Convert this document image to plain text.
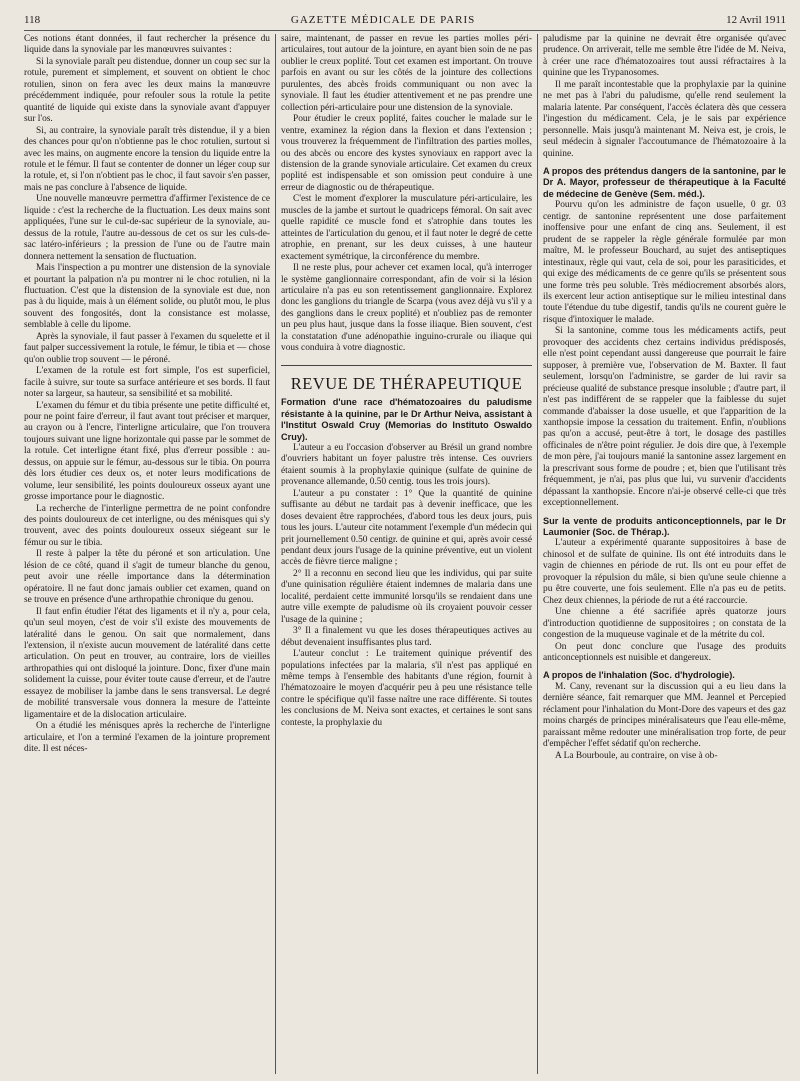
118	GAZETTE MÉDICALE DE PARIS	12 Avril 1911

Ces notions étant données, il faut rechercher la présence du liquide dans la synoviale par les manœuvres suivantes :

Si la synoviale paraît peu distendue, donner un coup sec sur la rotule, purement et simplement, et souvent on obtient le choc rotulien, sinon on fera avec les deux mains la manœuvre précédemment indiquée, pour refouler sous la rotule la petite quantité de liquide qui existe dans la synoviale avant d'appuyer sur l'os.

Si, au contraire, la synoviale paraît très distendue, il y a bien des chances pour qu'on n'obtienne pas le choc rotulien, surtout si avec les mains, on augmente encore la tension du liquide entre la rotule et le fémur. Il faut se contenter de donner un léger coup sur la rotule, et, si l'on n'obtient pas le choc, il faut savoir s'en passer, mais ne pas conclure à l'absence de liquide.

Une nouvelle manœuvre permettra d'affirmer l'existence de ce liquide : c'est la recherche de la fluctuation. Les deux mains sont appliquées, l'une sur le cul-de-sac supérieur de la synoviale, au-dessus de la rotule, l'autre au-dessous de cet os sur les culs-de-sac latéro-inférieurs ; la pression de l'une ou de l'autre main donnera nettement la sensation de fluctuation.

Mais l'inspection a pu montrer une distension de la synoviale et pourtant la palpation n'a pu montrer ni le choc rotulien, ni la fluctuation. C'est que la distension de la synoviale est due, non pas à du liquide, mais à un élément solide, ou plutôt mou, le plus souvent des fongosités, dont la consistance est molasse, semblable à celle du lipome.

Après la synoviale, il faut passer à l'examen du squelette et il faut palper successivement la rotule, le fémur, le tibia et — chose qu'on oublie trop souvent — le péroné.

L'examen de la rotule est fort simple, l'os est superficiel, facile à suivre, sur toute sa surface antérieure et ses bords. Il faut noter sa largeur, sa hauteur, sa sensibilité et sa mobilité.

L'examen du fémur et du tibia présente une petite difficulté et, pour ne point faire d'erreur, il faut avant tout préciser et marquer, au crayon ou à l'encre, l'interligne articulaire, que l'on trouvera toujours suivant une ligne horizontale qui passe par le sommet de la rotule. Cet interligne étant fixé, plus d'erreur possible : au-dessus, on appuie sur le fémur, au-dessous sur le tibia. On pourra dès lors étudier ces deux os, et noter leurs modifications de volume, leur sensibilité, les points douloureux osseux ayant une grosse importance pour le diagnostic.

La recherche de l'interligne permettra de ne point confondre des points douloureux de cet interligne, ou des ménisques qui s'y trouvent, avec des points douloureux osseux siégeant sur le fémur ou sur le tibia.

Il reste à palper la tête du péroné et son articulation. Une lésion de ce côté, quand il s'agit de tumeur blanche du genou, peut avoir une réelle importance dans la détermination opératoire. Il ne faut donc jamais oublier cet examen, quand on se trouve en présence d'une arthropathie chronique du genou.

Il faut enfin étudier l'état des ligaments et il n'y a, pour cela, qu'un seul moyen, c'est de voir s'il existe des mouvements de latéralité dans le genou. On sait que normalement, dans l'extension, il n'existe aucun mouvement de latéralité dans cette articulation. On peut en trouver, au contraire, lors de vieilles arthropathies qui ont disloqué la jointure. Donc, fixer d'une main solidement la cuisse, pour éviter toute cause d'erreur, et de l'autre essayez de mobiliser la jambe dans le sens transversal. Le degré de mobilité transversale vous donnera la mesure de l'atteinte ligamentaire et de la dislocation articulaire.

On a étudié les ménisques après la recherche de l'interligne articulaire, et l'on a terminé l'examen de la jointure proprement dite. Il est néces-

saire, maintenant, de passer en revue les parties molles péri-articulaires, tout autour de la jointure, en ayant bien soin de ne pas oublier le creux poplité. Tout cet examen est important. On trouve parfois en avant ou sur les côtés de la jointure des collections purulentes, des abcès froids communiquant ou non avec la synoviale. Il faut les étudier attentivement et ne pas prendre une collection péri-articulaire pour une distension de la synoviale.

Pour étudier le creux poplité, faites coucher le malade sur le ventre, examinez la région dans la flexion et dans l'extension ; vous trouverez la fréquemment de l'infiltration des parties molles, ou des abcès ou encore des kystes synoviaux en rapport avec la distension de la grande synoviale articulaire. Cet examen du creux poplité est indispensable et son omission peut conduire à une erreur de diagnostic ou de thérapeutique.

C'est le moment d'explorer la musculature péri-articulaire, les muscles de la jambe et surtout le quadriceps fémoral. On sait avec quelle rapidité ce muscle fond et s'atrophie dans toutes les atteintes de l'articulation du genou, et il faut noter le degré de cette atrophie, en prenant, sur les deux cuisses, à une hauteur exactement symétrique, la circonférence du membre.

Il ne reste plus, pour achever cet examen local, qu'à interroger le système ganglionnaire correspondant, afin de voir si la lésion articulaire n'a pas eu son retentissement ganglionnaire. Explorez donc les ganglions du triangle de Scarpa (vous avez déjà vu s'il y a des ganglions dans le creux poplité) et n'oubliez pas de remonter un peu plus haut, jusque dans la fosse iliaque. Bien souvent, c'est la constatation d'une adénopathie inguino-crurale ou iliaque qui vous conduira à votre diagnostic.

REVUE DE THÉRAPEUTIQUE

Formation d'une race d'hématozoaires du paludisme résistante à la quinine, par le Dr Arthur Neiva, assistant à l'Institut Oswald Cruy (Memorias do Instituto Oswaldo Cruy).

L'auteur a eu l'occasion d'observer au Brésil un grand nombre d'ouvriers habitant un foyer palustre très intense. Ces ouvriers étaient soumis à la prophylaxie quinique (sulfate de quinine de provenance allemande, 0.50 centig. tous les trois jours).

L'auteur a pu constater : 1° Que la quantité de quinine suffisante au début ne tardait pas à devenir inefficace, que les doses devaient être rapprochées, d'abord tous les deux jours, puis tous les jours. L'auteur cite notamment l'exemple d'un médecin qui prit journellement 0.50 centigr. de quinine et qui, après avoir cessé pendant deux jours l'usage de la quinine préventive, eut un violent accès de fièvre tierce maligne ;

2° Il a reconnu en second lieu que les individus, qui par suite d'une quinisation régulière étaient indemnes de malaria dans une localité, perdaient cette immunité lorsqu'ils se rendaient dans une autre ville exempte de paludisme où ils croyaient pouvoir cesser l'usage de la quinine ;

3° Il a finalement vu que les doses thérapeutiques actives au début devenaient insuffisantes plus tard.

L'auteur conclut : Le traitement quinique préventif des populations infectées par la malaria, s'il n'est pas appliqué en même temps à l'ensemble des habitants d'une région, fournit à l'hématozoaire le moyen d'acquérir peu à peu une résistance telle contre le spécifique qu'il fasse naître une race différente. Si toutes les conclusions de M. Neiva sont exactes, et certaines le sont sans conteste, la prophylaxie du

paludisme par la quinine ne devrait être organisée qu'avec prudence. On arriverait, telle me semble être l'idée de M. Neiva, à créer une race d'hématozoaires tout aussi réfractaires à la quinine que les Trypanosomes.

Il me paraît incontestable que la prophylaxie par la quinine ne met pas à l'abri du paludisme, qu'elle rend seulement la malaria latente. Par conséquent, l'accès éclatera dès que cessera l'ingestion du médicament. Cela, je le sais par expérience personnelle. Mais jusqu'à maintenant M. Neiva est, je crois, le seul médecin à signaler l'accoutumance de l'hématozoaire à la quinine.

A propos des prétendus dangers de la santonine, par le Dr A. Mayor, professeur de thérapeutique à la Faculté de médecine de Genève (Sem. méd.).

Pourvu qu'on les administre de façon usuelle, 0 gr. 03 centigr. de santonine représentent une dose parfaitement inoffensive pour une enfant de cinq ans. Seulement, il est prudent de se rappeler la règle générale formulée par mon maître, M. le professeur Bouchard, au sujet des antiseptiques intestinaux, règle qui vaut, cela de soi, pour les parasiticides, et qui exige des médicaments de ce genre qu'ils se présentent sous une forme très peu soluble. Très médiocrement absorbés alors, ils exercent leur action antiseptique sur le milieu intestinal dans toute l'étendue du tube digestif, tandis qu'ils ne courent guère le risque d'intoxiquer le malade.

Si la santonine, comme tous les médicaments actifs, peut provoquer des accidents chez certains individus prédisposés, elle n'est point cependant aussi dangereuse que pourrait le faire supposer, à première vue, l'observation de M. Baxter. Il faut seulement, lorsqu'on l'administre, se garder de lui ravir sa précieuse qualité de substance presque insoluble ; d'autre part, il n'est pas indifférent de se rappeler que la faiblesse du sujet commande d'abaisser la dose usuelle, et que l'apparition de la xanthopsie impose la cessation du traitement. Enfin, n'oublions pas qu'on a accusé, peut-être à tort, le dosage des pastilles officinales de n'être point régulier. Je dois dire que, à l'exemple de mon père, j'ai toujours manié la santonine assez largement en la prescrivant sous forme de poudre ; et, bien que l'utilisant très fréquemment, je n'ai, pas plus que lui, vu survenir d'accidents dépassant la xanthopsie. Encore n'ai-je observé celle-ci que très exceptionnellement.

Sur la vente de produits anticonceptionnels, par le Dr Laumonier (Soc. de Thérap.).

L'auteur a expérimenté quarante suppositoires à base de chinosol et de sulfate de quinine. Ils ont été introduits dans le vagin de chiennes en période de rut. Ils ont eu pour effet de provoquer la répulsion du mâle, si bien qu'une seule chienne a pu être couverte, une fois seulement. Elle n'a pas eu de petits. Chez deux chiennes, la période de rut a été raccourcie.

Une chienne a été sacrifiée après quatorze jours d'introduction quotidienne de suppositoires ; on constata de la congestion de la muqueuse vaginale et de la métrite du col.

On peut donc conclure que l'usage des produits anticonceptionnels est nuisible et dangereux.

A propos de l'inhalation (Soc. d'hydrologie).

M. Cany, revenant sur la discussion qui a eu lieu dans la dernière séance, fait remarquer que MM. Jeannel et Percepied réclament pour l'inhalation du Mont-Dore des vapeurs et des gaz moins chargés de principes minéralisateurs que l'eau elle-même, paraissant même redouter une minéralisation trop forte, de peur d'empêcher l'effet sédatif qu'on recherche.

A La Bourboule, au contraire, on vise à ob-
